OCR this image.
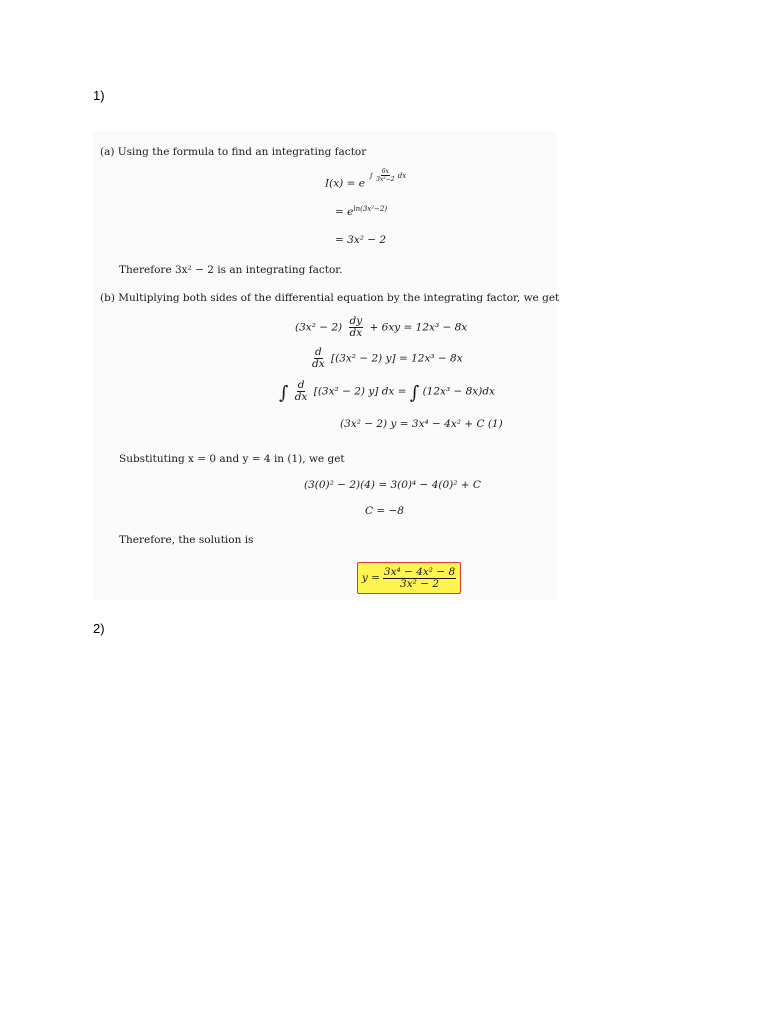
1)
(a) Using the formula to find an integrating factor
I(x) = e $^{\int \frac{6x}{\text{3x²−2}} dx}$
= $e^{ln(3x^2-2)}$
= 3x² − 2
Therefore 3x² − 2 is an integrating factor.
(b) Multiplying both sides of the differential equation by the integrating factor, we get
$(3x^2 - 2) \frac{dy}{dx} + 6xy = 12x^3 - 8x$
$\frac{d}{dx} [(3x^2 - 2) y] = 12x^3 - 8x$
∫ $\frac{d}{dx} [(3x^2 - 2)$ y] dx = ∫ (12x³ − 8x)dx
(3x² − 2) y = 3x⁴ − 4x² + C (1)
Substituting x = 0 and y = 4 in (1), we get
(3(0)² − 2)(4) = 3(0)⁴ − 4(0)² + C
C = −8
Therefore, the solution is
$y = \frac{\text{3x⁴ − 4x² − 8}}{\text{3x² − 2}}$
2)
